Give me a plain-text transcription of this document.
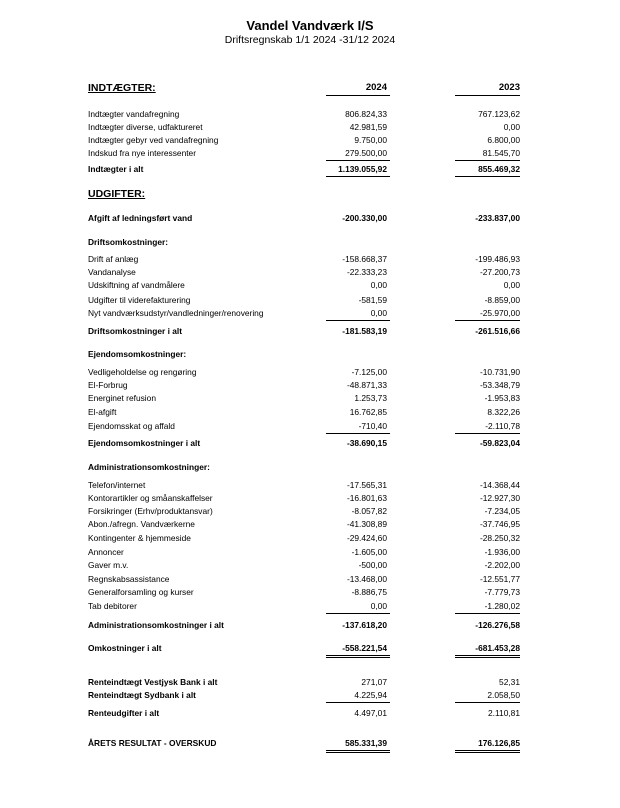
Vandel Vandværk I/S
Driftsregnskab 1/1 2024 -31/12 2024
INDTÆGTER:	2024	2023
Indtægter vandafregning	806.824,33	767.123,62
Indtægter diverse, udfaktureret	42.981,59	0,00
Indtægter gebyr ved vandafregning	9.750,00	6.800,00
Indskud fra nye interessenter	279.500,00	81.545,70
Indtægter i alt	1.139.055,92	855.469,32
UDGIFTER:
Afgift af ledningsført vand	-200.330,00	-233.837,00
Driftsomkostninger:
Drift af anlæg	-158.668,37	-199.486,93
Vandanalyse	-22.333,23	-27.200,73
Udskiftning af vandmålere	0,00	0,00
Udgifter til viderefakturering	-581,59	-8.859,00
Nyt vandværksudstyr/vandledninger/renovering	0,00	-25.970,00
Driftsomkostninger i alt	-181.583,19	-261.516,66
Ejendomsomkostninger:
Vedligeholdelse og rengøring	-7.125,00	-10.731,90
El-Forbrug	-48.871,33	-53.348,79
Energinet refusion	1.253,73	-1.953,83
El-afgift	16.762,85	8.322,26
Ejendomsskat og affald	-710,40	-2.110,78
Ejendomsomkostninger i alt	-38.690,15	-59.823,04
Administrationsomkostninger:
Telefon/internet	-17.565,31	-14.368,44
Kontorartikler og småanskaffelser	-16.801,63	-12.927,30
Forsikringer (Erhv/produktansvar)	-8.057,82	-7.234,05
Abon./afregn. Vandværkerne	-41.308,89	-37.746,95
Kontingenter & hjemmeside	-29.424,60	-28.250,32
Annoncer	-1.605,00	-1.936,00
Gaver m.v.	-500,00	-2.202,00
Regnskabsassistance	-13.468,00	-12.551,77
Generalforsamling og kurser	-8.886,75	-7.779,73
Tab debitorer	0,00	-1.280,02
Administrationsomkostninger i alt	-137.618,20	-126.276,58
Omkostninger i alt	-558.221,54	-681.453,28
Renteindtægt Vestjysk Bank i alt	271,07	52,31
Renteindtægt Sydbank i alt	4.225,94	2.058,50
Renteudgifter i alt	4.497,01	2.110,81
ÅRETS RESULTAT - OVERSKUD	585.331,39	176.126,85
